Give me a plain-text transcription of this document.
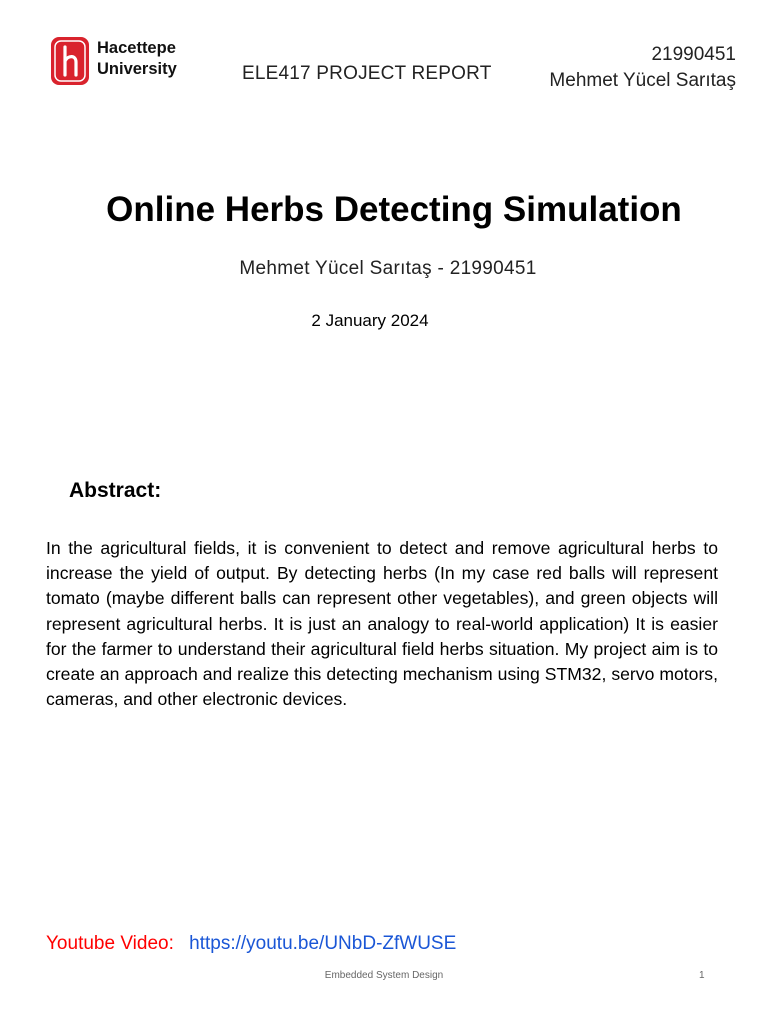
Hacettepe
University	ELE417 PROJECT REPORT
21990451
Mehmet Yücel Sarıtaş
Online Herbs Detecting Simulation
Mehmet Yücel Sarıtaş - 21990451
2 January 2024
Abstract:
In the agricultural fields, it is convenient to detect and remove agricultural herbs to increase the yield of output. By detecting herbs (In my case red balls will represent tomato (maybe different balls can represent other vegetables), and green objects will represent agricultural herbs. It is just an analogy to real-world application) It is easier for the farmer to understand their agricultural field herbs situation. My project aim is to create an approach and realize this detecting mechanism using STM32, servo motors, cameras, and other electronic devices.
Youtube Video: https://youtu.be/UNbD-ZfWUSE
Embedded System Design	1
